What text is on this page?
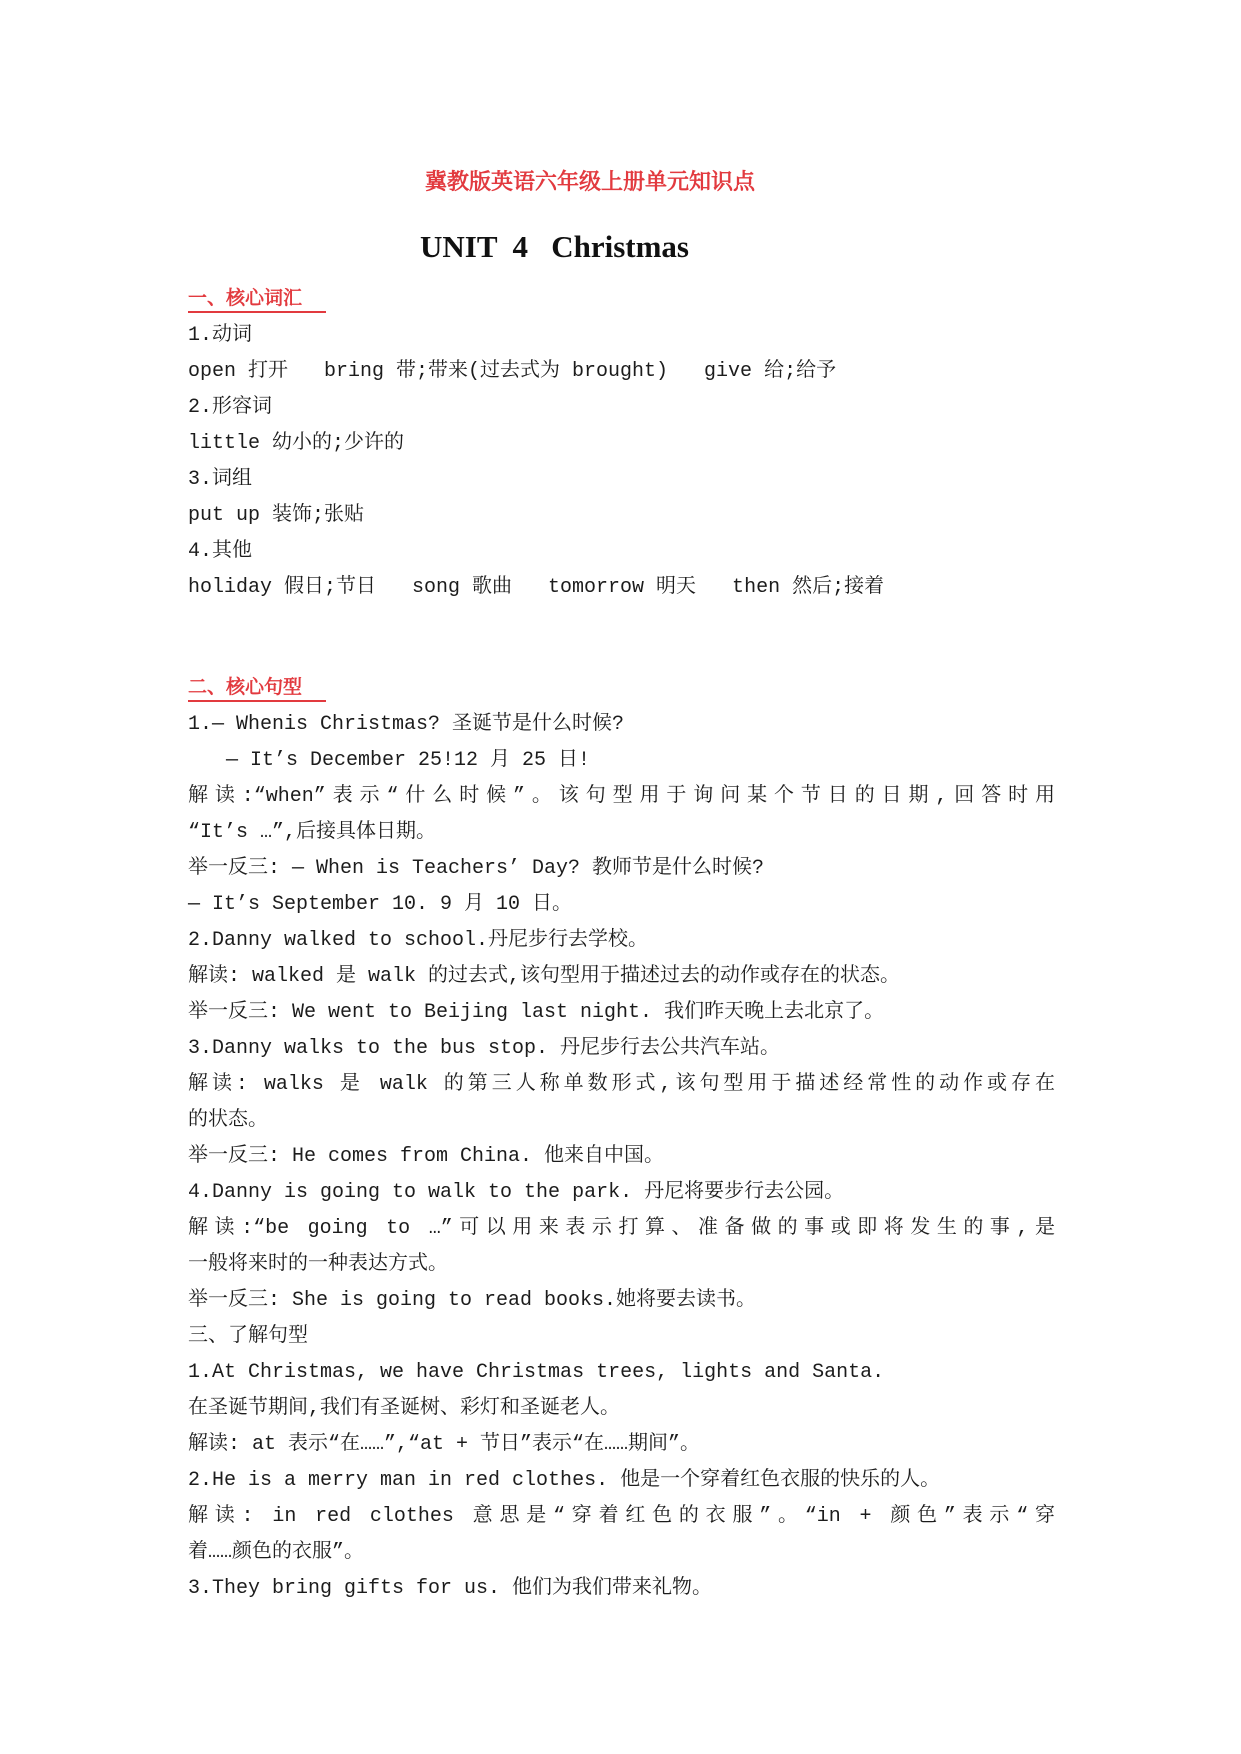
冀教版英语六年级上册单元知识点
UNIT  4   Christmas
一、核心词汇
1.动词
open 打开   bring 带;带来(过去式为 brought)   give 给;给予
2.形容词
little 幼小的;少许的
3.词组
put up 装饰;张贴
4.其他
holiday 假日;节日   song 歌曲   tomorrow 明天   then 然后;接着
二、核心句型
1.— Whenis Christmas? 圣诞节是什么时候?
— It’s December 25!12 月 25 日!
解读:“when”表示“什么时候”。该句型用于询问某个节日的日期,回答时用
“It’s …”,后接具体日期。
举一反三: — When is Teachers’ Day? 教师节是什么时候?
— It’s September 10. 9 月 10 日。
2.Danny walked to school.丹尼步行去学校。
解读: walked 是 walk 的过去式,该句型用于描述过去的动作或存在的状态。
举一反三: We went to Beijing last night. 我们昨天晚上去北京了。
3.Danny walks to the bus stop. 丹尼步行去公共汽车站。
解读: walks 是 walk 的第三人称单数形式,该句型用于描述经常性的动作或存在
的状态。
举一反三: He comes from China. 他来自中国。
4.Danny is going to walk to the park. 丹尼将要步行去公园。
解读:“be going to …”可以用来表示打算、准备做的事或即将发生的事,是
一般将来时的一种表达方式。
举一反三: She is going to read books.她将要去读书。
三、了解句型
1.At Christmas, we have Christmas trees, lights and Santa.
在圣诞节期间,我们有圣诞树、彩灯和圣诞老人。
解读: at 表示“在……”,“at + 节日”表示“在……期间”。
2.He is a merry man in red clothes. 他是一个穿着红色衣服的快乐的人。
解读: in red clothes 意思是“穿着红色的衣服”。“in + 颜色”表示“穿
着……颜色的衣服”。
3.They bring gifts for us. 他们为我们带来礼物。
